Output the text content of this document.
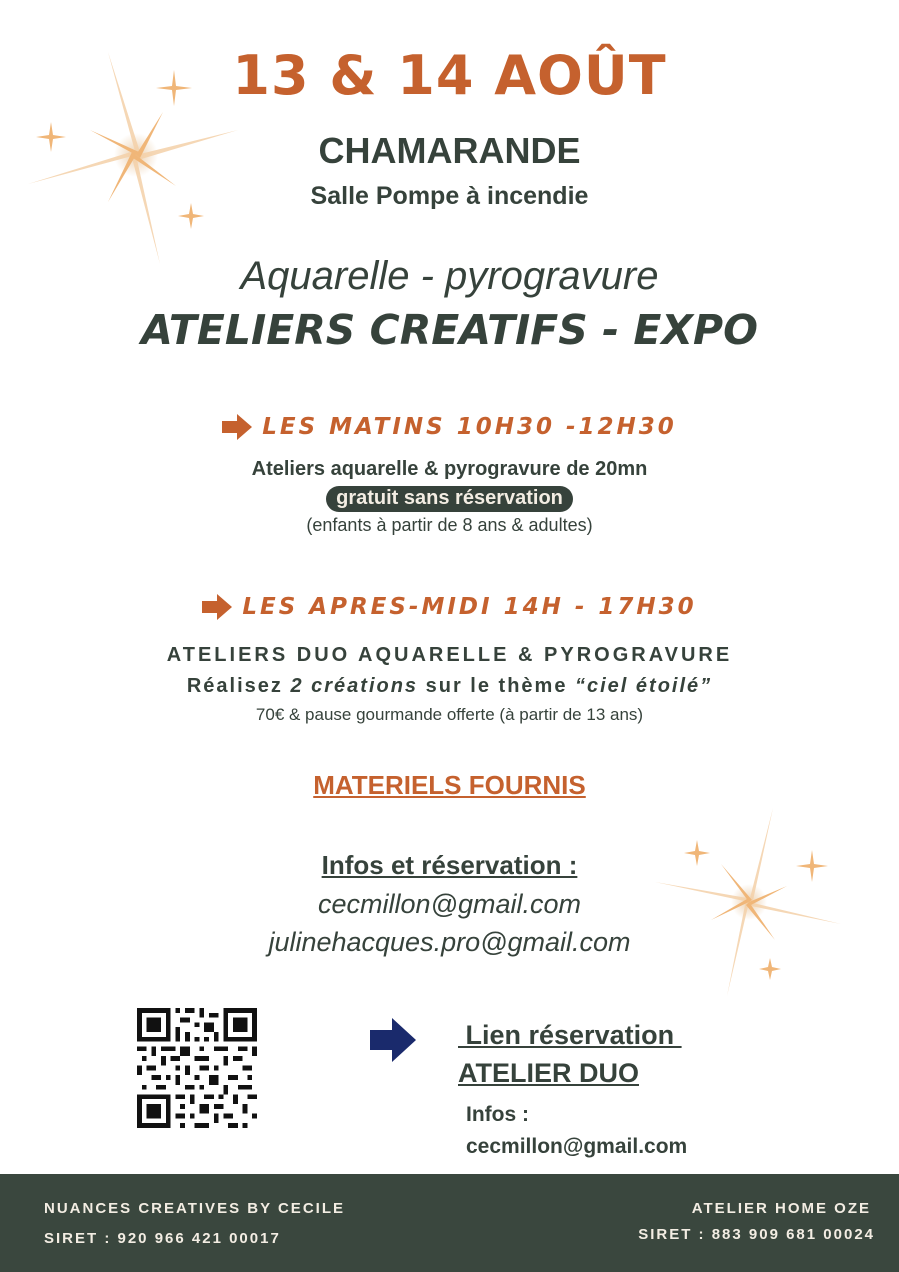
13 & 14 AOÛT
CHAMARANDE
Salle Pompe à incendie
Aquarelle - pyrogravure
ATELIERS CREATIFS - EXPO
LES MATINS 10H30 -12H30
Ateliers aquarelle & pyrogravure de 20mn
gratuit sans réservation
(enfants à partir de 8 ans & adultes)
LES APRES-MIDI 14H - 17H30
ATELIERS DUO AQUARELLE & PYROGRAVURE
Réalisez 2 créations sur le thème “ciel étoilé”
70€ & pause gourmande offerte (à partir de 13 ans)
MATERIELS FOURNIS
Infos et réservation :
cecmillon@gmail.com
julinehacques.pro@gmail.com
Lien réservation
ATELIER DUO
Infos :
cecmillon@gmail.com
NUANCES CREATIVES BY CECILE
SIRET : 920 966 421 00017
ATELIER HOME OZE
SIRET : 883 909 681 00024
